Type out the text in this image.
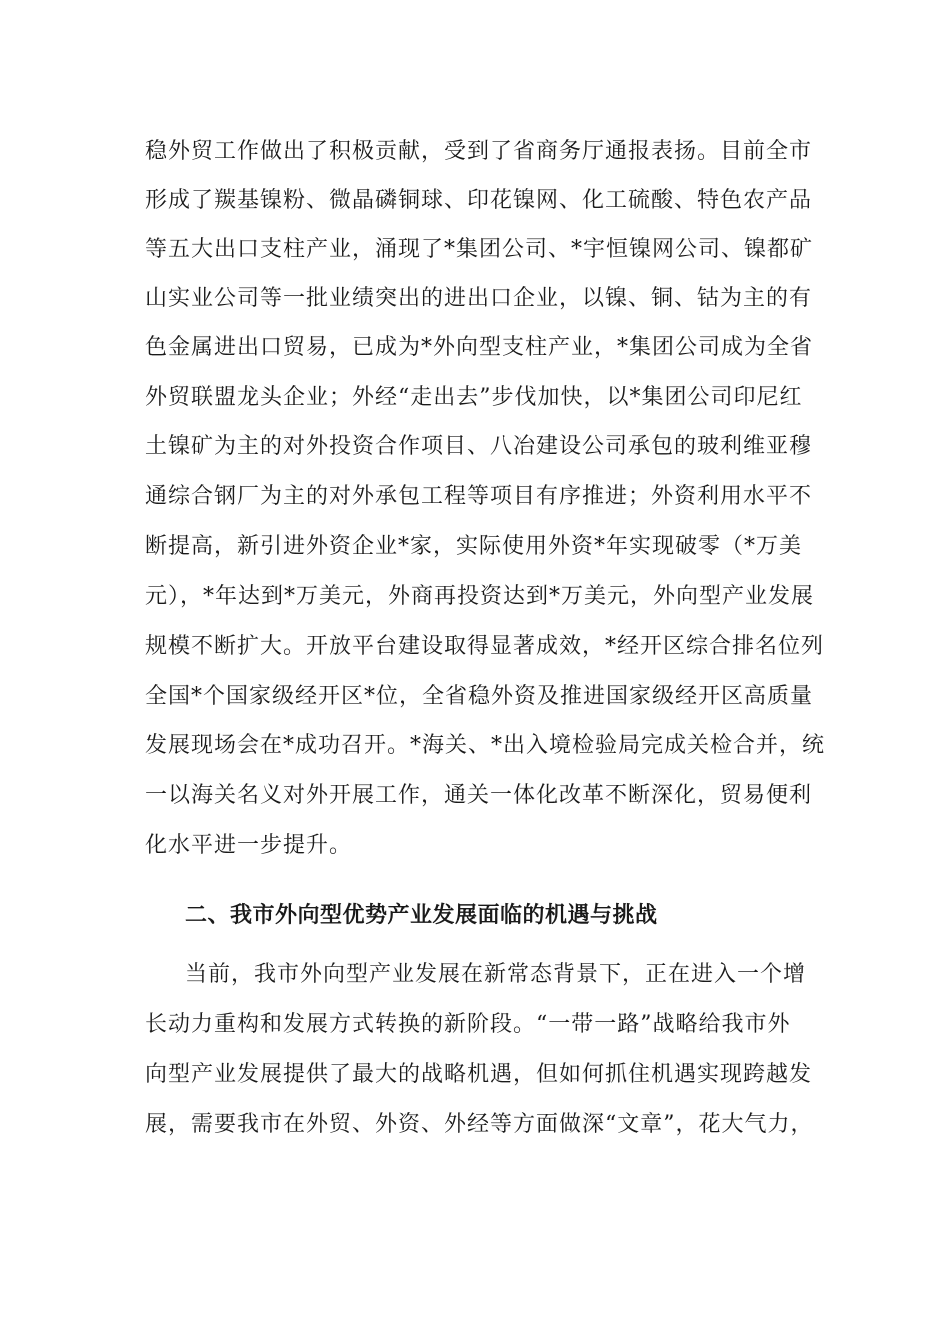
稳外贸工作做出了积极贡献，受到了省商务厅通报表扬。目前全市
形成了羰基镍粉、微晶磷铜球、印花镍网、化工硫酸、特色农产品
等五大出口支柱产业，涌现了*集团公司、*宇恒镍网公司、镍都矿
山实业公司等一批业绩突出的进出口企业，以镍、铜、钴为主的有
色金属进出口贸易，已成为*外向型支柱产业，*集团公司成为全省
外贸联盟龙头企业；外经“走出去”步伐加快，以*集团公司印尼红
土镍矿为主的对外投资合作项目、八冶建设公司承包的玻利维亚穆
通综合钢厂为主的对外承包工程等项目有序推进；外资利用水平不
断提高，新引进外资企业*家，实际使用外资*年实现破零（*万美
元），*年达到*万美元，外商再投资达到*万美元，外向型产业发展
规模不断扩大。开放平台建设取得显著成效，*经开区综合排名位列
全国*个国家级经开区*位，全省稳外资及推进国家级经开区高质量
发展现场会在*成功召开。*海关、*出入境检验局完成关检合并，统
一以海关名义对外开展工作，通关一体化改革不断深化，贸易便利
化水平进一步提升。
二、我市外向型优势产业发展面临的机遇与挑战
当前，我市外向型产业发展在新常态背景下，正在进入一个增
长动力重构和发展方式转换的新阶段。“一带一路”战略给我市外
向型产业发展提供了最大的战略机遇，但如何抓住机遇实现跨越发
展，需要我市在外贸、外资、外经等方面做深“文章”，花大气力，
